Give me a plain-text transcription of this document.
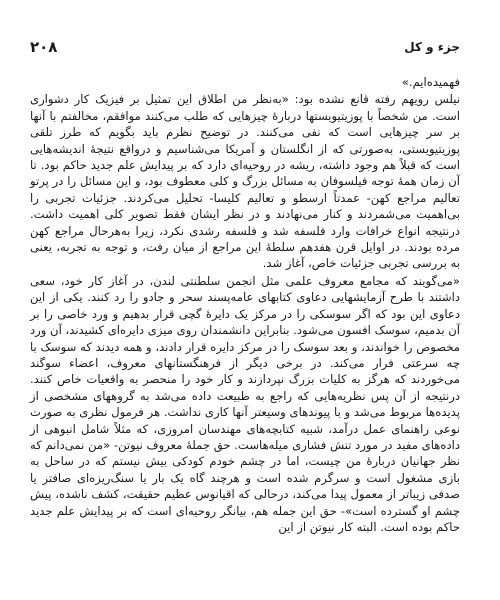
۲۰۸	جزء و کل

فهمیده‌ایم.»

نیلس رویهم رفته قانع نشده بود: «به‌نظر من اطلاق این تمثیل بر فیزیک کار دشواری است. من شخصاً با پوزیتیویستها دربارهٔ چیزهایی که طلب می‌کنند موافقم، مخالفتم با آنها بر سر چیزهایی است که نفی می‌کنند. در توضیح نظرم باید بگویم که طرز تلقی پوزیتیویستی، به‌صورتی که از انگلستان و آمریکا می‌شناسیم و درواقع نتیجهٔ اندیشه‌هایی است که قبلاً هم وجود داشته، ریشه در روحیه‌ای دارد که بر پیدایش علم جدید حاکم بود. تا آن زمان همهٔ توجه فیلسوفان به مسائل بزرگ و کلی معطوف بود، و این مسائل را در پرتو تعالیم مراجع کهن- عمدتاً ارسطو و تعالیم کلیسا- تحلیل می‌کردند. جزئیات تجربی را بی‌اهمیت می‌شمردند و کنار می‌نهادند و در نظر ایشان فقط تصویر کلی اهمیت داشت. درنتیجه انواع خرافات وارد فلسفه شد و فلسفه رشدی نکرد، زیرا به‌هرحال مراجع کهن مرده بودند. در اوایل قرن هفدهم سلطهٔ این مراجع از میان رفت، و توجه به تجربه، یعنی به بررسی تجربی جزئیات خاص، آغاز شد.

«می‌گویند که مجامع معروف علمی مثل انجمن سلطنتی لندن، در آغاز کار خود، سعی داشتند با طرح آزمایشهایی دعاوی کتابهای عامه‌پسند سحر و جادو را رد کنند. یکی از این دعاوی این بود که اگر سوسکی را در مرکز یک دایرهٔ گچی قرار بدهیم و ورد خاصی را بر آن بدمیم، سوسک افسون می‌شود. بنابراین دانشمندان روی میزی دایره‌ای کشیدند، آن ورد مخصوص را خواندند، و بعد سوسک را در مرکز دایره قرار دادند، و همه دیدند که سوسک با چه سرعتی فرار می‌کند. در برخی دیگر از فرهنگستانهای معروف، اعضاء سوگند می‌خوردند که هرگز به کلیات بزرگ نپردازند و کار خود را منحصر به واقعیات خاص کنند. درنتیجه از آن پس نظریه‌هایی که راجع به طبیعت داده می‌شد به گروههای مشخصی از پدیده‌ها مربوط می‌شد و با پیوندهای وسیعتر آنها کاری نداشت. هر فرمول نظری به صورت نوعی راهنمای عمل درآمد، شبیه کتابچه‌های مهندسان امروزی، که مثلاً شامل انبوهی از داده‌های مفید در مورد تنش فشاری میله‌هاست. حق جملهٔ معروف نیوتن- «من نمی‌دانم که نظر جهانیان دربارهٔ من چیست، اما در چشم خودم کودکی بیش نیستم که در ساحل به بازی مشغول است و سرگرم شده است و هرچند گاه یک بار یا سنگ‌ریزه‌ای صافتر یا صدفی زیباتر از معمول پیدا می‌کند، درحالی که اقیانوس عظیم حقیقت، کشف ناشده، پیش چشم او گسترده است»- حق این جمله هم، بیانگر روحیه‌ای است که بر پیدایش علم جدید حاکم بوده است. البته کار نیوتن از این
